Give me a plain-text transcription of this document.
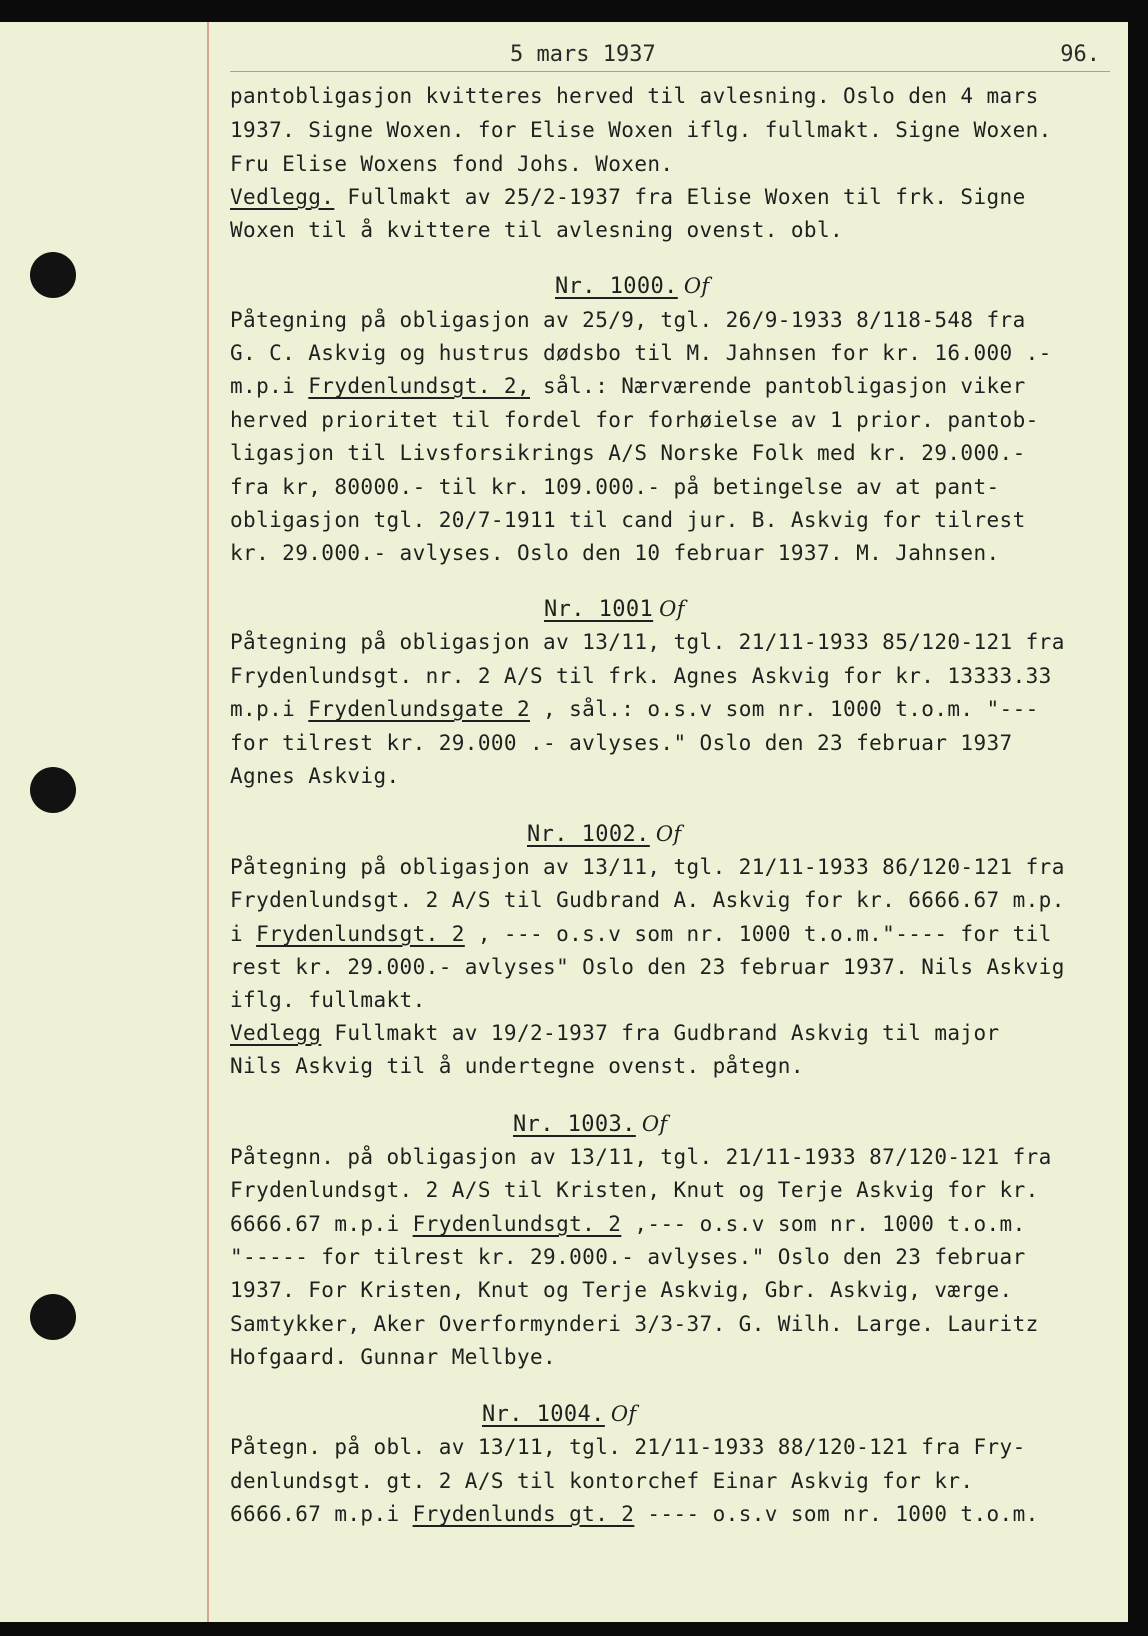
5 mars 1937	96.
pantobligasjon kvitteres herved til avlesning. Oslo den 4 mars
1937. Signe Woxen. for Elise Woxen iflg. fullmakt. Signe Woxen.
Fru Elise Woxens fond Johs. Woxen.
Vedlegg. Fullmakt av 25/2-1937 fra Elise Woxen til frk. Signe
Woxen til å kvittere til avlesning ovenst. obl.
Nr. 1000. Of
Påtegning på obligasjon av 25/9, tgl. 26/9-1933 8/118-548 fra
G. C. Askvig og hustrus dødsbo til M. Jahnsen for kr. 16.000 .-
m.p.i Frydenlundsgt. 2, sål.: Nærværende pantobligasjon viker
herved prioritet til fordel for forhøielse av 1 prior. pantob-
ligasjon til Livsforsikrings A/S Norske Folk med kr. 29.000.-
fra kr, 80000.- til kr. 109.000.- på betingelse av at pant-
obligasjon tgl. 20/7-1911 til cand jur. B. Askvig for tilrest
kr. 29.000.- avlyses. Oslo den 10 februar 1937. M. Jahnsen.
Nr. 1001 Of
Påtegning på obligasjon av 13/11, tgl. 21/11-1933 85/120-121 fra
Frydenlundsgt. nr. 2 A/S til frk. Agnes Askvig for kr. 13333.33
m.p.i Frydenlundsgate 2 , sål.: o.s.v som nr. 1000 t.o.m. "---
for tilrest kr. 29.000 .- avlyses." Oslo den 23 februar 1937
Agnes Askvig.
Nr. 1002. Of
Påtegning på obligasjon av 13/11, tgl. 21/11-1933 86/120-121 fra
Frydenlundsgt. 2 A/S til Gudbrand A. Askvig for kr. 6666.67 m.p.
i Frydenlundsgt. 2 , --- o.s.v som nr. 1000 t.o.m."---- for til
rest kr. 29.000.- avlyses" Oslo den 23 februar 1937. Nils Askvig
iflg. fullmakt.
Vedlegg Fullmakt av 19/2-1937 fra Gudbrand Askvig til major
Nils Askvig til å undertegne ovenst. påtegn.
Nr. 1003. Of
Påtegnn. på obligasjon av 13/11, tgl. 21/11-1933 87/120-121 fra
Frydenlundsgt. 2 A/S til Kristen, Knut og Terje Askvig for kr.
6666.67 m.p.i Frydenlundsgt. 2 ,--- o.s.v som nr. 1000 t.o.m.
"----- for tilrest kr. 29.000.- avlyses." Oslo den 23 februar
1937. For Kristen, Knut og Terje Askvig, Gbr. Askvig, værge.
Samtykker, Aker Overformynderi 3/3-37. G. Wilh. Large. Lauritz
Hofgaard. Gunnar Mellbye.
Nr. 1004. Of
Påtegn. på obl. av 13/11, tgl. 21/11-1933 88/120-121 fra Fry-
denlundsgt. gt. 2 A/S til kontorchef Einar Askvig for kr.
6666.67 m.p.i Frydenlunds gt. 2 ---- o.s.v som nr. 1000 t.o.m.
